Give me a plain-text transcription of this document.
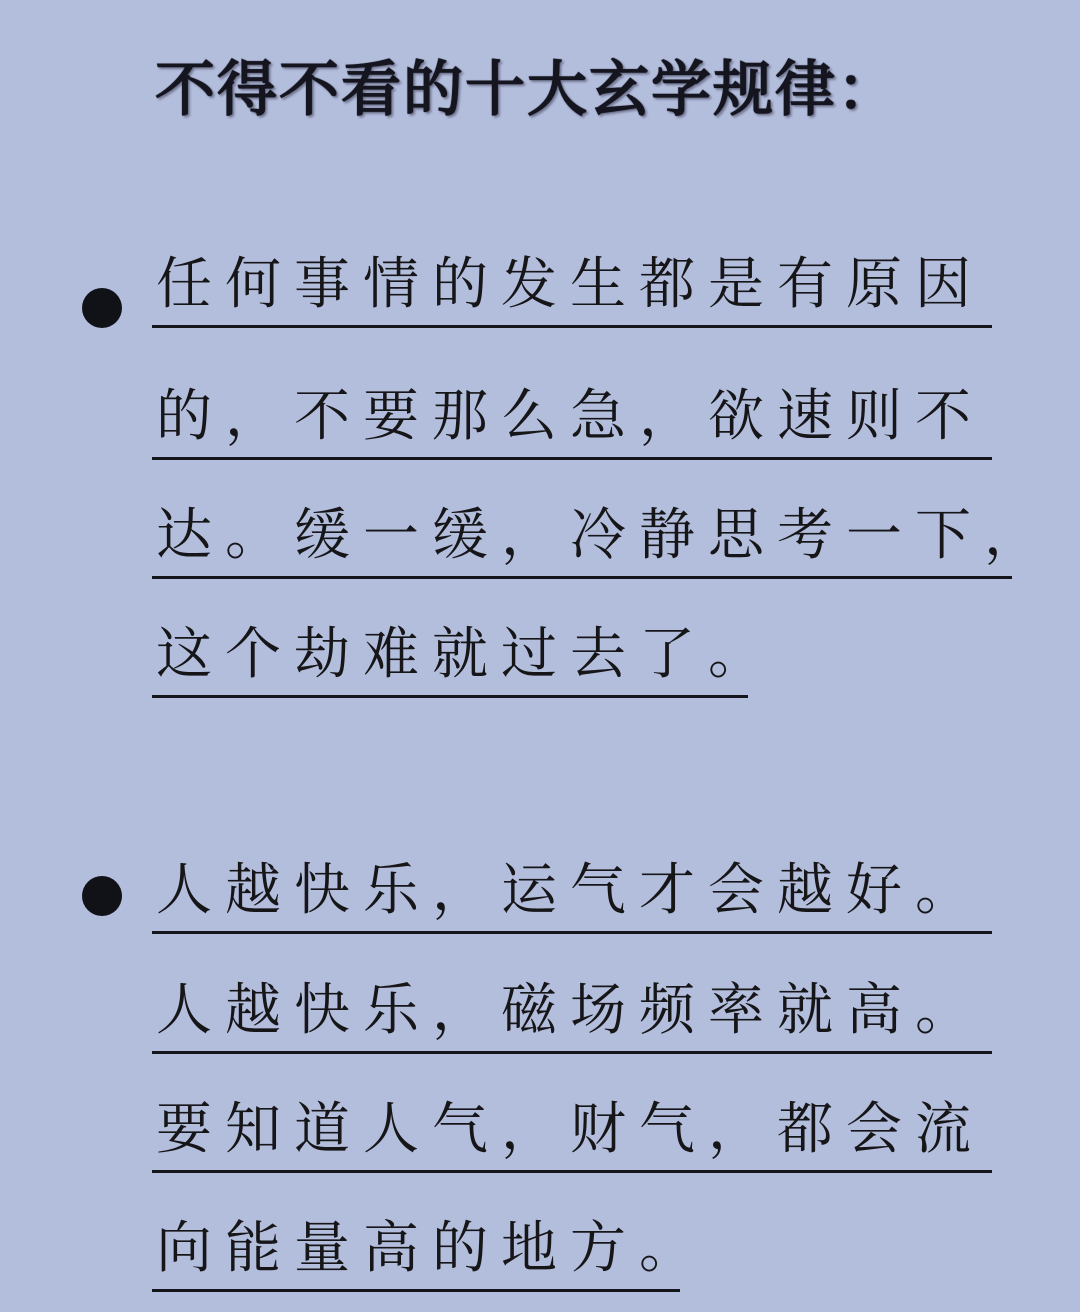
不得不看的十大玄学规律：
任何事情的发生都是有原因
的，不要那么急，欲速则不
达。缓一缓，冷静思考一下，
这个劫难就过去了。
人越快乐，运气才会越好。
人越快乐，磁场频率就高。
要知道人气，财气，都会流
向能量高的地方。
